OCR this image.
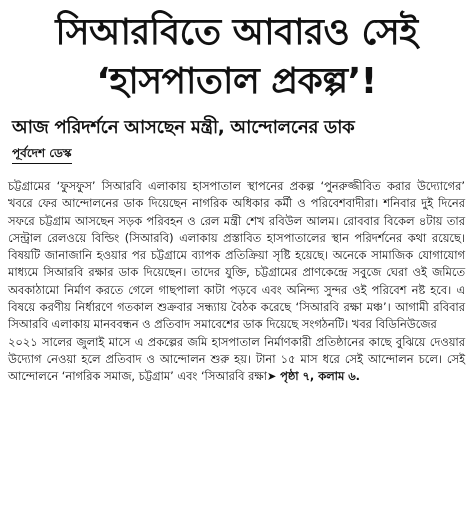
সিআরবিতে আবারও সেই
‘হাসপাতাল প্রকল্প’!
আজ পরিদর্শনে আসছেন মন্ত্রী, আন্দোলনের ডাক
পূর্বদেশ ডেস্ক

চট্টগ্রামের ‘ফুসফুস’ সিআরবি এলাকায় হাসপাতাল স্থাপনের প্রকল্প ‘পুনরুজ্জীবিত করার উদ্যোগের’ খবরে ফের আন্দোলনের ডাক দিয়েছেন নাগরিক অধিকার কর্মী ও পরিবেশবাদীরা। শনিবার দুই দিনের সফরে চট্টগ্রাম আসছেন সড়ক পরিবহন ও রেল মন্ত্রী শেখ রবিউল আলম। রোববার বিকেল ৪টায় তার সেন্ট্রাল রেলওয়ে বিল্ডিং (সিআরবি) এলাকায় প্রস্তাবিত হাসপাতালের স্থান পরিদর্শনের কথা রয়েছে। বিষয়টি জানাজানি হওয়ার পর চট্টগ্রামে ব্যাপক প্রতিক্রিয়া সৃষ্টি হয়েছে। অনেকে সামাজিক যোগাযোগ মাধ্যমে সিআরবি রক্ষার ডাক দিয়েছেন। তাদের যুক্তি, চট্টগ্রামের প্রাণকেন্দ্রে সবুজে ঘেরা ওই জমিতে অবকাঠামো নির্মাণ করতে গেলে গাছপালা কাটা পড়বে এবং অনিন্দ্য সুন্দর ওই পরিবেশ নষ্ট হবে। এ বিষয়ে করণীয় নির্ধারণে গতকাল শুক্রবার সন্ধ্যায় বৈঠক করেছে ‘সিআরবি রক্ষা মঞ্চ’। আগামী রবিবার সিআরবি এলাকায় মানববন্ধন ও প্রতিবাদ সমাবেশের ডাক দিয়েছে সংগঠনটি। খবর বিডিনিউজের

২০২১ সালের জুলাই মাসে এ প্রকল্পের জমি হাসপাতাল নির্মাণকারী প্রতিষ্ঠানের কাছে বুঝিয়ে দেওয়ার উদ্যোগ নেওয়া হলে প্রতিবাদ ও আন্দোলন শুরু হয়। টানা ১৫ মাস ধরে সেই আন্দোলন চলে। সেই আন্দোলনে ‘নাগরিক সমাজ, চট্টগ্রাম’ এবং ‘সিআরবি রক্ষা➤ পৃষ্ঠা ৭, কলাম ৬.
